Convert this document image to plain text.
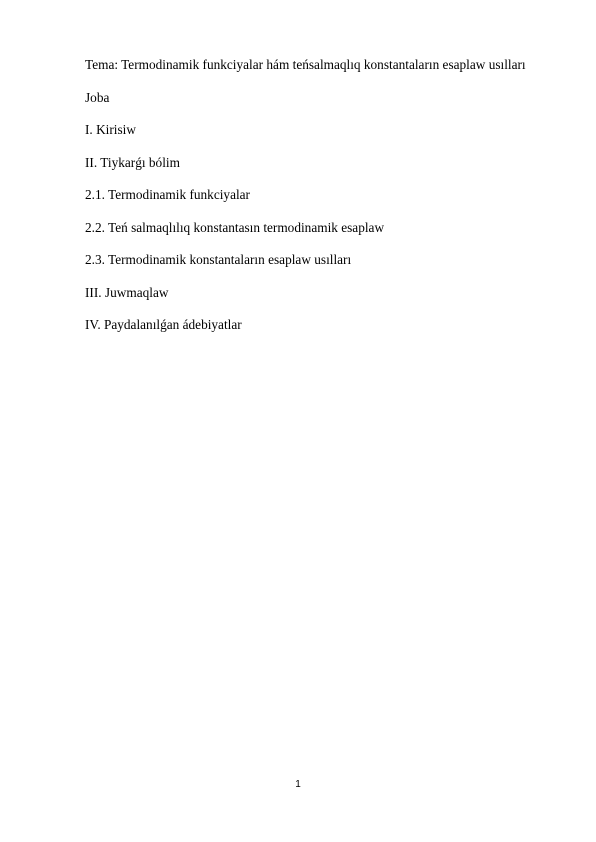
Tema: Termodinamik funkciyalar hám teńsalmaqlıq konstantaların esaplaw usılları
Joba
I. Kirisiw
II. Tiykarǵı bólim
2.1. Termodinamik funkciyalar
2.2. Teń salmaqlılıq konstantasın termodinamik esaplaw
2.3. Termodinamik konstantaların esaplaw usılları
III. Juwmaqlaw
IV. Paydalanılǵan ádebiyatlar
1
